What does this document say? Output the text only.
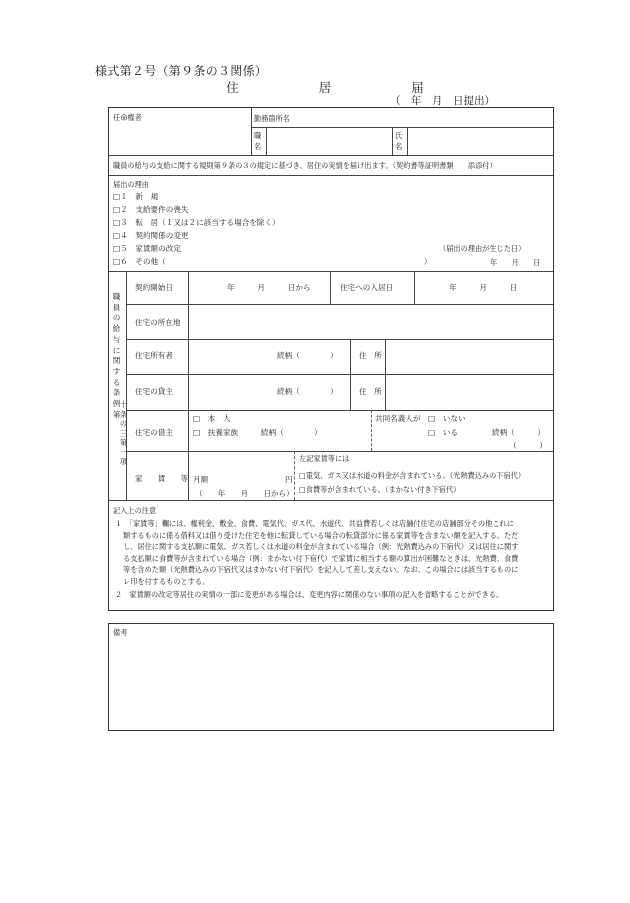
様式第２号（第９条の３関係）
住	居	届
（　年　月　日提出）
任命権者	勤務箇所名
職名
氏名
職員の給与の支給に関する規則第９条の３の規定に基づき、居住の実情を届け出ます。（契約書等証明書類　　添添付）
届出の理由
□１　新　規
□２　支給要件の喪失
□３　転　居（１又は２に該当する場合を除く）
□４　契約関係の変更
□５　家賃額の改定
□６　その他（　　　　　　　　　　　　　　　　　　　　　　　　　　　　　　　　　　）
（届出の理由が生じた日）
年　　月　　日
職員の給与に関する条例第
十条の三第一項
契約開始日	年　　　月　　　日から	住宅への入居日	年　　　月　　　日
住宅の所在地
住宅所有者	続柄（　　　　）	住　所
住宅の貸主	続柄（　　　　）	住　所
住宅の借主
□　本　人
□　扶養家族　　　続柄（　　　　）
共同名義人が □　いない
□　いる	続柄（　　　）
（　　　）
家　　賃　　等 月額	円
（　　年　　月　　日から）
左記家賃等には
□電気、ガス又は水道の料金が含まれている。（光熱費込みの下宿代）
□食費等が含まれている。（まかない付き下宿代）
記入上の注意
１　「家賃等」欄には、権利金、敷金、食費、電気代、ガス代、水道代、共益費若しくは店舗付住宅の店舗部分その他これに
類するものに係る借料又は借り受けた住宅を他に転貸している場合の転貸部分に係る家賃等を含まない額を記入する。ただ
し、居住に関する支払額に電気、ガス若しくは水道の料金が含まれている場合（例：光熱費込みの下宿代）又は居住に関す
る支払額に食費等が含まれている場合（例：まかない付下宿代）で家賃に相当する額の算出が困難なときは、光熱費、食費
等を含めた額（光熱費込みの下宿代又はまかない付下宿代）を記入して差し支えない。なお、この場合には該当するものに
レ印を付するものとする。
２　家賃額の改定等居住の実情の一部に変更がある場合は、変更内容に関係のない事項の記入を省略することができる。
備考
